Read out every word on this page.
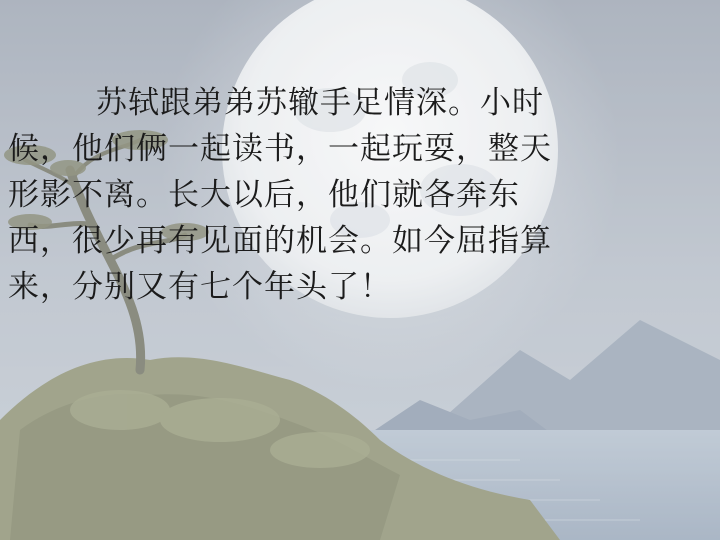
苏轼跟弟弟苏辙手足情深。小时
候，他们俩一起读书，一起玩耍，整天
形影不离。长大以后，他们就各奔东
西，很少再有见面的机会。如今屈指算
来，分别又有七个年头了！
